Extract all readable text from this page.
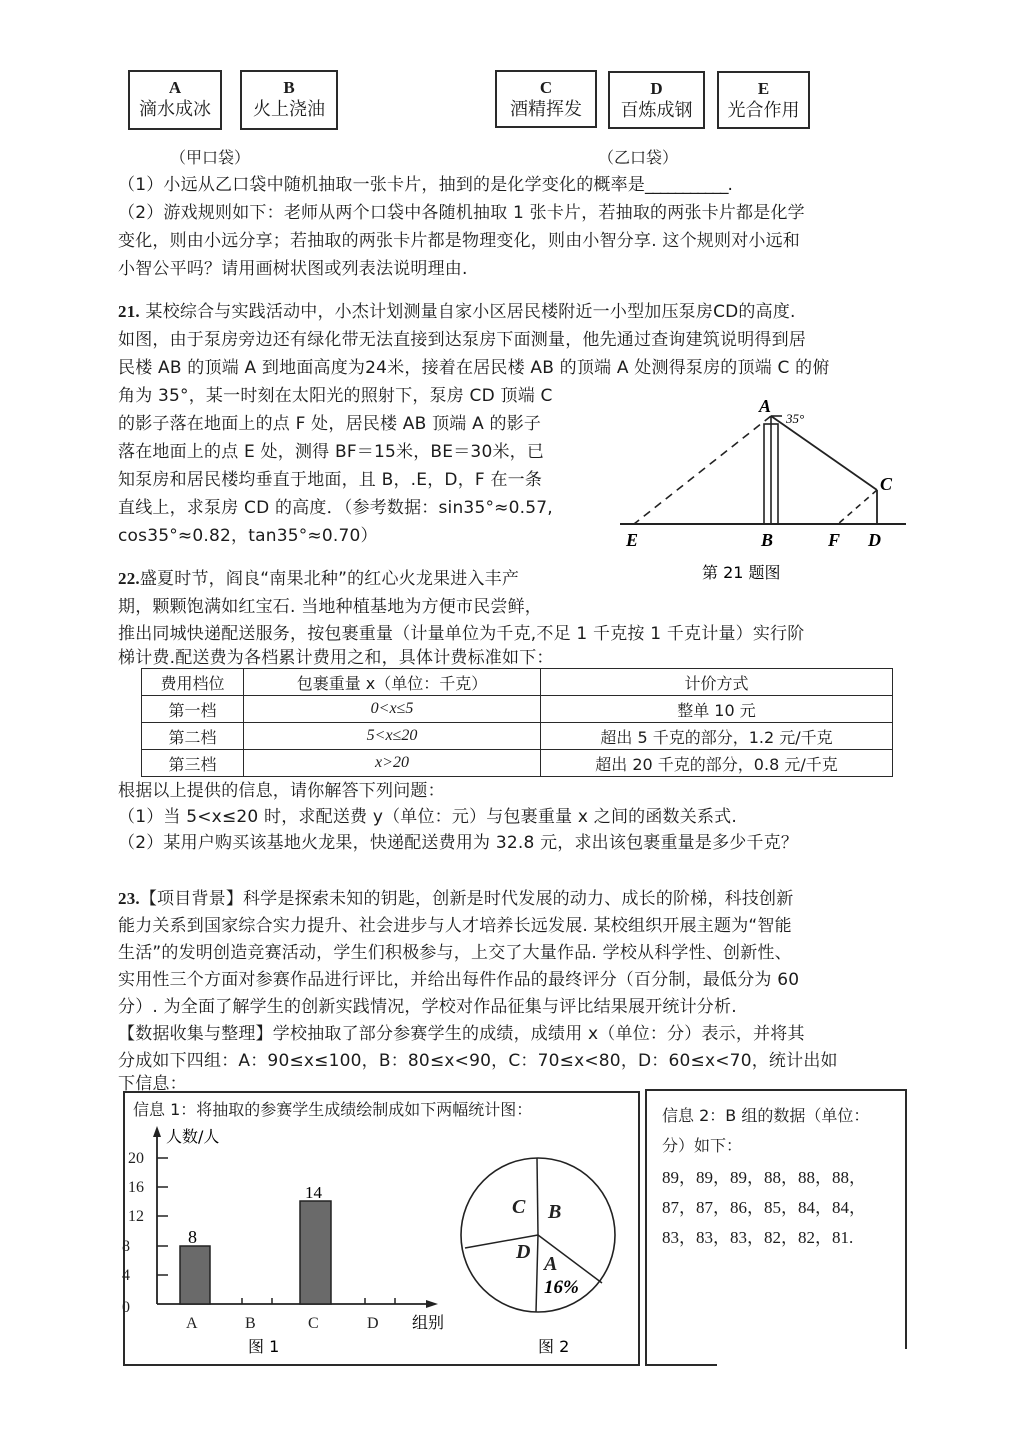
A
滴水成冰
B
火上浇油
C
酒精挥发
D
百炼成钢
E
光合作用
（甲口袋）	（乙口袋）
（1）小远从乙口袋中随机抽取一张卡片，抽到的是化学变化的概率是___________.
（2）游戏规则如下：老师从两个口袋中各随机抽取 1 张卡片，若抽取的两张卡片都是化学
变化，则由小远分享；若抽取的两张卡片都是物理变化，则由小智分享. 这个规则对小远和
小智公平吗？请用画树状图或列表法说明理由.
21. 某校综合与实践活动中，小杰计划测量自家小区居民楼附近一小型加压泵房CD的高度.
如图，由于泵房旁边还有绿化带无法直接到达泵房下面测量，他先通过查询建筑说明得到居
民楼 AB 的顶端 A 到地面高度为24米，接着在居民楼 AB 的顶端 A 处测得泵房的顶端 C 的俯
角为 35°，某一时刻在太阳光的照射下，泵房 CD 顶端 C
的影子落在地面上的点 F 处，居民楼 AB 顶端 A 的影子
落在地面上的点 E 处，测得 BF＝15米，BE＝30米，已
知泵房和居民楼均垂直于地面，且 B，.E，D，F 在一条
直线上，求泵房 CD 的高度．（参考数据：sin35°≈0.57,
cos35°≈0.82，tan35°≈0.70）
A
35°
C
E	B	F D
第 21 题图
22.盛夏时节，阎良“南果北种”的红心火龙果进入丰产
期，颗颗饱满如红宝石. 当地种植基地为方便市民尝鲜，
推出同城快递配送服务，按包裹重量（计量单位为千克,不足 1 千克按 1 千克计量）实行阶
梯计费.配送费为各档累计费用之和，具体计费标准如下：
费用档位	包裹重量 x（单位：千克）	计价方式
第一档	0<x≤5	整单 10 元
第二档	5<x≤20	超出 5 千克的部分，1.2 元/千克
第三档	x>20	超出 20 千克的部分，0.8 元/千克
根据以上提供的信息，请你解答下列问题：
（1）当 5<x≤20 时，求配送费 y（单位：元）与包裹重量 x 之间的函数关系式.
（2）某用户购买该基地火龙果，快递配送费用为 32.8 元，求出该包裹重量是多少千克？
23.【项目背景】科学是探索未知的钥匙，创新是时代发展的动力、成长的阶梯，科技创新
能力关系到国家综合实力提升、社会进步与人才培养长远发展. 某校组织开展主题为“智能
生活”的发明创造竞赛活动，学生们积极参与，上交了大量作品. 学校从科学性、创新性、
实用性三个方面对参赛作品进行评比，并给出每件作品的最终评分（百分制，最低分为 60
分）. 为全面了解学生的创新实践情况，学校对作品征集与评比结果展开统计分析.
【数据收集与整理】学校抽取了部分参赛学生的成绩，成绩用 x（单位：分）表示，并将其
分成如下四组：A：90≤x≤100，B：80≤x<90，C：70≤x<80，D：60≤x<70，统计出如
下信息：
信息 1：将抽取的参赛学生成绩绘制成如下两幅统计图：
20
16
12
8
4
0
人数/人
8
14
A	B	C	D 组别
图 1
C B
D
A
16%
图 2
信息 2：B 组的数据（单位：
分）如下：
89，89，89，88，88，88，
87，87，86，85，84，84，
83，83，83，82，82，81.
